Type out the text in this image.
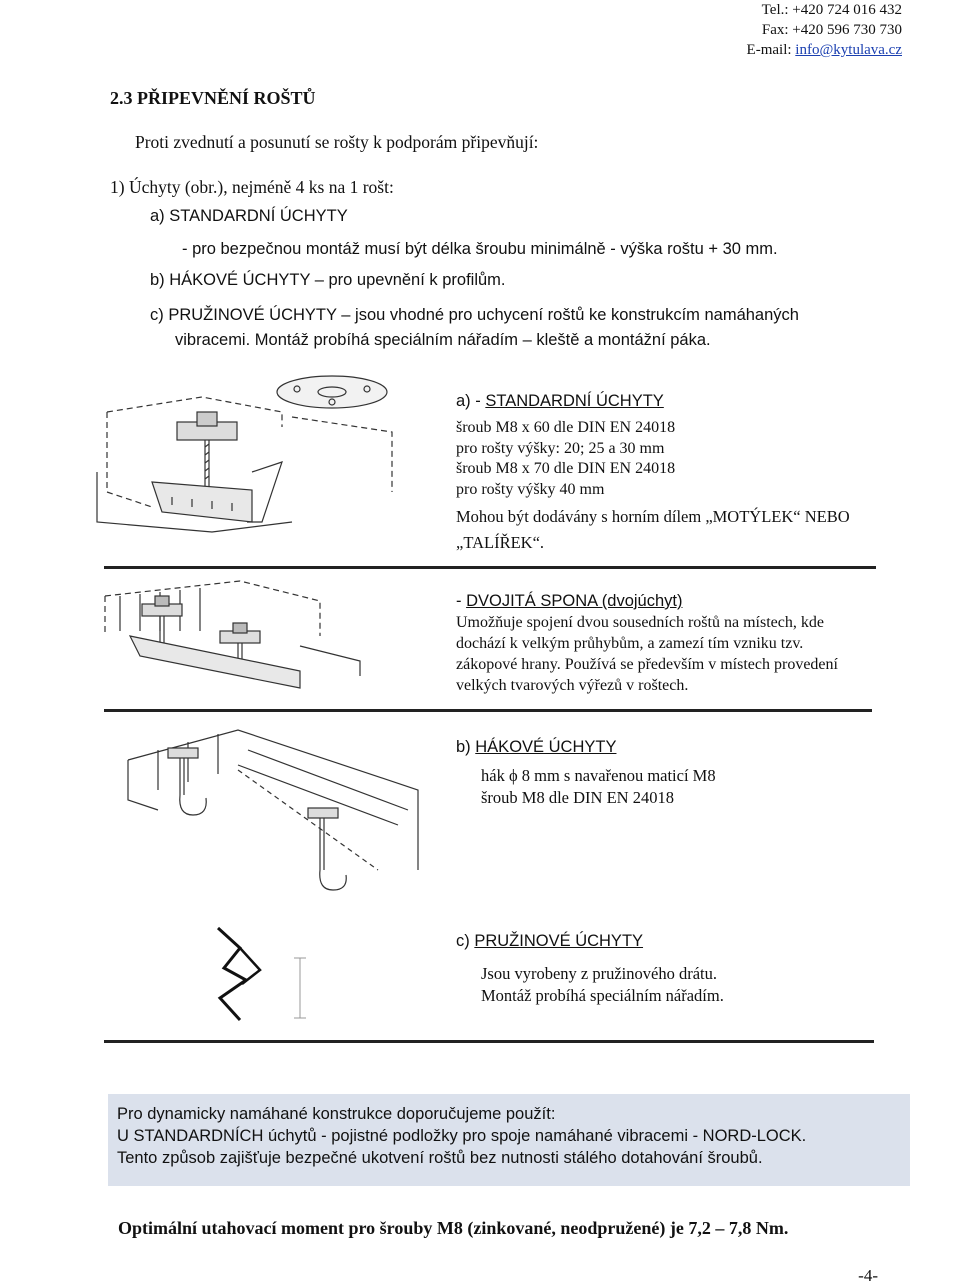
Tel.: +420 724 016 432
Fax: +420 596 730 730
E-mail: info@kytulava.cz
2.3 PŘIPEVNĚNÍ ROŠTŮ
Proti zvednutí a posunutí se rošty k podporám připevňují:
1) Úchyty (obr.), nejméně 4 ks na 1 rošt:
a) STANDARDNÍ ÚCHYTY
- pro bezpečnou montáž musí být délka šroubu minimálně - výška roštu + 30 mm.
b) HÁKOVÉ ÚCHYTY – pro upevnění k profilům.
c) PRUŽINOVÉ ÚCHYTY – jsou vhodné pro uchycení roštů ke konstrukcím namáhaných
vibracemi. Montáž probíhá speciálním nářadím – kleště a montážní páka.
a) - STANDARDNÍ ÚCHYTY
šroub M8 x 60 dle DIN EN 24018
pro rošty výšky: 20; 25 a 30 mm
šroub M8 x 70 dle DIN EN 24018
pro rošty výšky 40 mm
Mohou být dodávány s horním dílem „MOTÝLEK“ NEBO
„TALÍŘEK“.
- DVOJITÁ SPONA (dvojúchyt)
Umožňuje spojení dvou sousedních roštů na místech, kde
dochází k velkým průhybům, a zamezí tím vzniku tzv.
zákopové hrany. Používá se především v místech provedení
velkých tvarových výřezů v roštech.
b) HÁKOVÉ ÚCHYTY
hák ϕ 8 mm s navařenou maticí M8
šroub M8 dle DIN EN 24018
c) PRUŽINOVÉ ÚCHYTY
Jsou vyrobeny z pružinového drátu.
Montáž probíhá speciálním nářadím.

Pro dynamicky namáhané konstrukce doporučujeme použít:

U STANDARDNÍCH úchytů - pojistné podložky pro spoje namáhané vibracemi - NORD-LOCK.

Tento způsob zajišťuje bezpečné ukotvení roštů bez nutnosti stálého dotahování šroubů.

Optimální utahovací moment pro šrouby M8 (zinkované, neodpružené) je 7,2 – 7,8 Nm.
-4-
